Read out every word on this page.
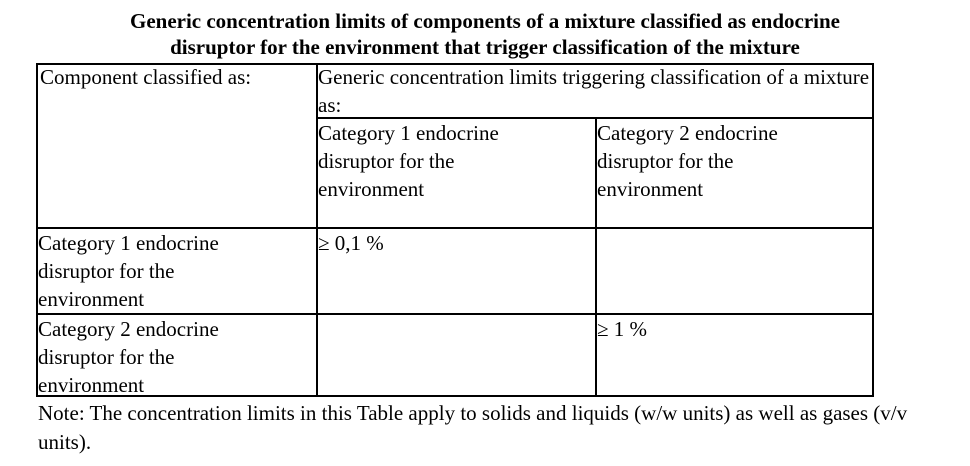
Generic concentration limits of components of a mixture classified as endocrine
disruptor for the environment that trigger classification of the mixture
Component classified as:	Generic concentration limits triggering classification of a mixture as:
Category 1 endocrine
disruptor for the
environment
Category 2 endocrine
disruptor for the
environment
Category 1 endocrine
disruptor for the
environment
≥ 0,1 %
Category 2 endocrine
disruptor for the
environment
≥ 1 %
Note: The concentration limits in this Table apply to solids and liquids (w/w units) as well as gases (v/v units).
